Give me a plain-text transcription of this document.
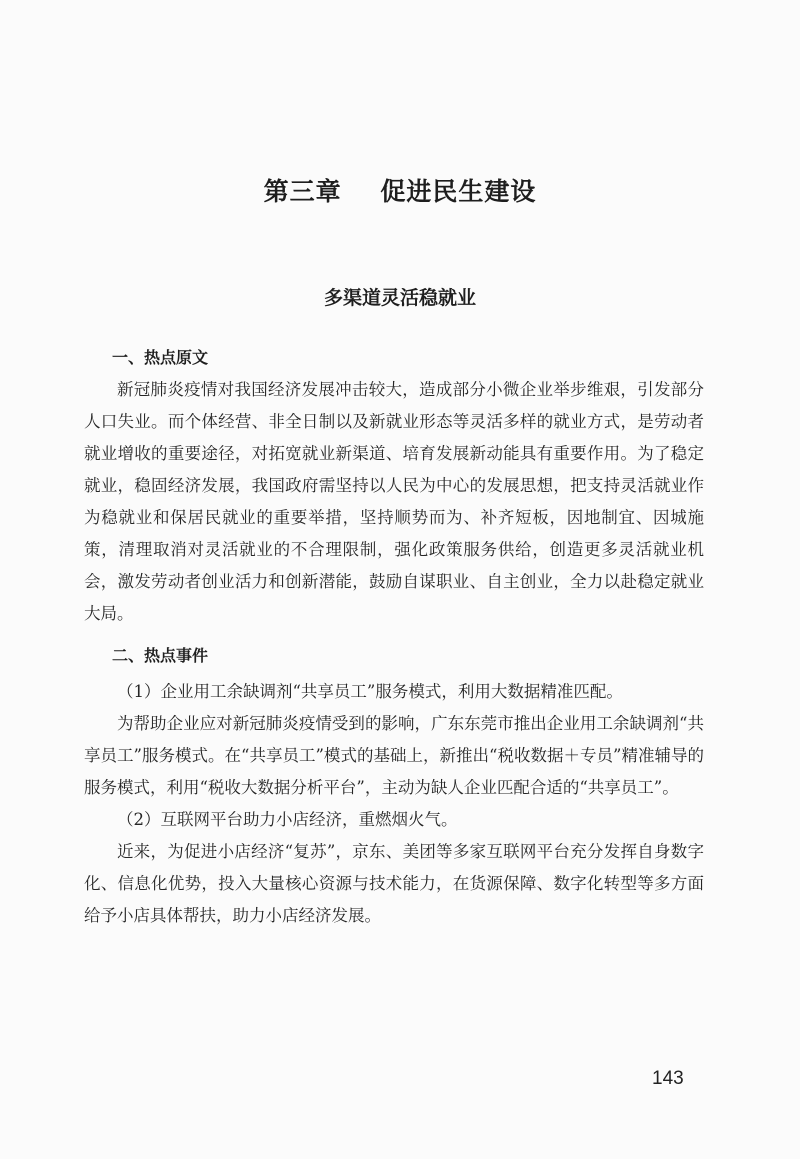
第三章    促进民生建设
多渠道灵活稳就业
一、热点原文

新冠肺炎疫情对我国经济发展冲击较大，造成部分小微企业举步维艰，引发部分人口失业。而个体经营、非全日制以及新就业形态等灵活多样的就业方式，是劳动者就业增收的重要途径，对拓宽就业新渠道、培育发展新动能具有重要作用。为了稳定就业，稳固经济发展，我国政府需坚持以人民为中心的发展思想，把支持灵活就业作为稳就业和保居民就业的重要举措，坚持顺势而为、补齐短板，因地制宜、因城施策，清理取消对灵活就业的不合理限制，强化政策服务供给，创造更多灵活就业机会，激发劳动者创业活力和创新潜能，鼓励自谋职业、自主创业，全力以赴稳定就业大局。

二、热点事件

（1）企业用工余缺调剂“共享员工”服务模式，利用大数据精准匹配。

为帮助企业应对新冠肺炎疫情受到的影响，广东东莞市推出企业用工余缺调剂“共享员工”服务模式。在“共享员工”模式的基础上，新推出“税收数据＋专员”精准辅导的服务模式，利用“税收大数据分析平台”，主动为缺人企业匹配合适的“共享员工”。

（2）互联网平台助力小店经济，重燃烟火气。

近来，为促进小店经济“复苏”，京东、美团等多家互联网平台充分发挥自身数字化、信息化优势，投入大量核心资源与技术能力，在货源保障、数字化转型等多方面给予小店具体帮扶，助力小店经济发展。

143
